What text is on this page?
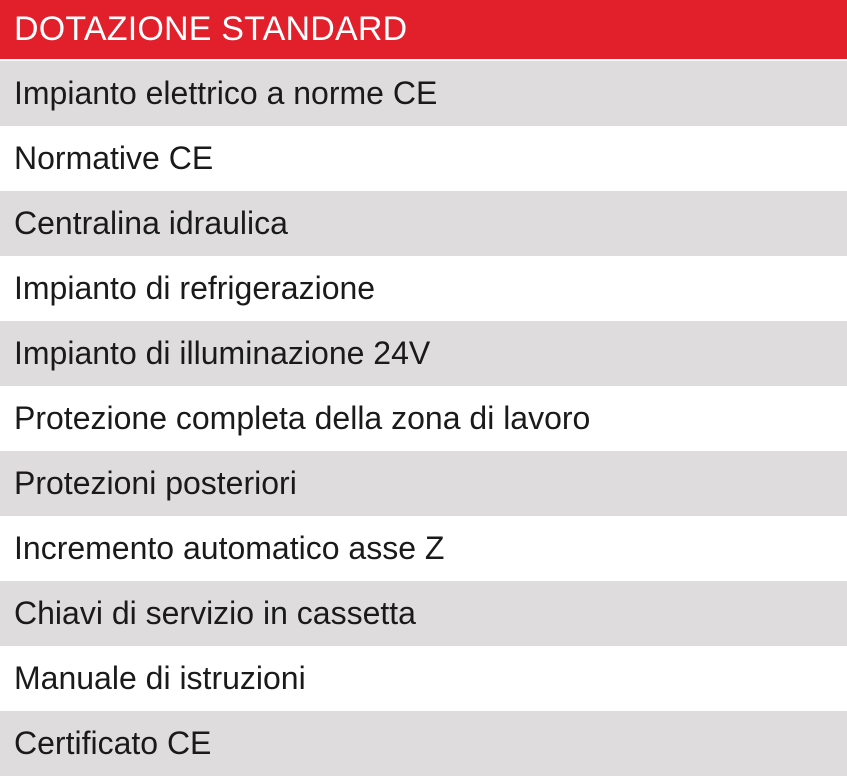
DOTAZIONE STANDARD
Impianto elettrico a norme CE
Normative CE
Centralina idraulica
Impianto di refrigerazione
Impianto di illuminazione 24V
Protezione completa della zona di lavoro
Protezioni posteriori
Incremento automatico asse Z
Chiavi di servizio in cassetta
Manuale di istruzioni
Certificato CE
